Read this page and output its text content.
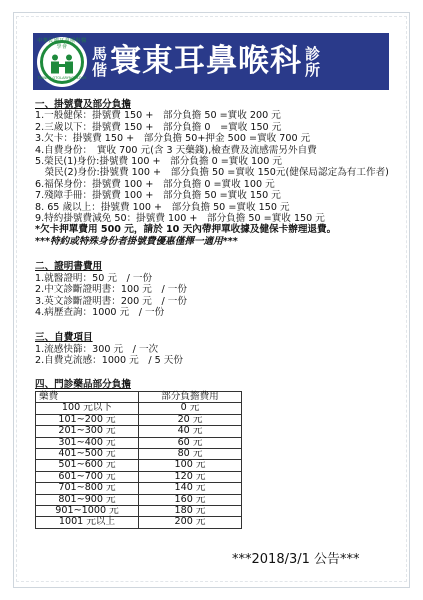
中華民國耳鼻喉科醫學會
TAIWAN OTOLARYNGOLOGY
馬
偕 寰東耳鼻喉科 診
所
一、掛號費及部分負擔
1.一般健保：掛號費 150 +　部分負擔 50 =實收 200 元
2.三歲以下：掛號費 150 +　部分負擔 0　=實收 150 元
3.欠卡：掛號費 150 +　部分負擔 50+押金 500 =實收 700 元
4.自費身份：　實收 700 元(含 3 天藥錢),檢查費及流感需另外自費
5.榮民(1)身份:掛號費 100 +　部分負擔 0 =實收 100 元
　榮民(2)身份:掛號費 100 +　部分負擔 50 =實收 150元(健保局認定為有工作者)
6.福保身份：掛號費 100 +　部分負擔 0 =實收 100 元
7.殘障手冊：掛號費 100 +　部分負擔 50 =實收 150 元
8. 65 歲以上：掛號費 100 +　部分負擔 50 =實收 150 元
9.特約掛號費減免 50：掛號費 100 +　部分負擔 50 =實收 150 元
*欠卡押單費用 500 元，請於 10 天內帶押單收據及健保卡辦理退費。
***特約或特殊身份者掛號費優惠僅擇一適用***
二、證明書費用
1.就醫證明：50 元　/ 一份
2.中文診斷證明書：100 元　/ 一份
3.英文診斷證明書：200 元　/ 一份
4.病歷查詢：1000 元　/ 一份
三、自費項目
1.流感快篩：300 元　/ 一次
2.自費克流感：1000 元　/ 5 天份
四、門診藥品部分負擔
藥費	部分負擔費用
100 元以下	0 元
101~200 元	20 元
201~300 元	40 元
301~400 元	60 元
401~500 元	80 元
501~600 元	100 元
601~700 元	120 元
701~800 元	140 元
801~900 元	160 元
901~1000 元	180 元
1001 元以上	200 元
***2018/3/1 公告***
